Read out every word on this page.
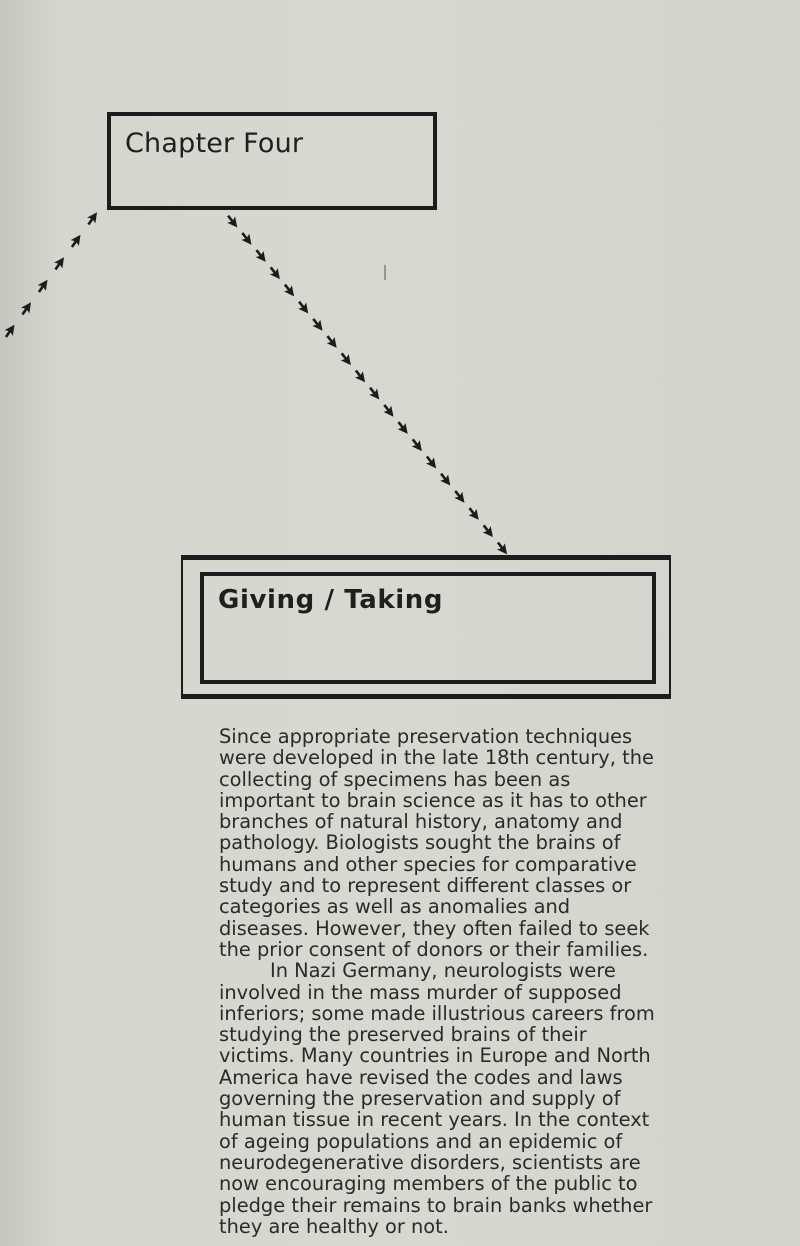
Chapter Four
Giving / Taking

Since appropriate preservation techniques were developed in the late 18th century, the collecting of specimens has been as important to brain science as it has to other branches of natural history, anatomy and pathology. Biologists sought the brains of humans and other species for comparative study and to represent different classes or categories as well as anomalies and diseases. However, they often failed to seek the prior consent of donors or their families.

In Nazi Germany, neurologists were involved in the mass murder of supposed inferiors; some made illustrious careers from studying the preserved brains of their victims. Many countries in Europe and North America have revised the codes and laws governing the preservation and supply of human tissue in recent years. In the context of ageing populations and an epidemic of neurodegenerative disorders, scientists are now encouraging members of the public to pledge their remains to brain banks whether they are healthy or not.
